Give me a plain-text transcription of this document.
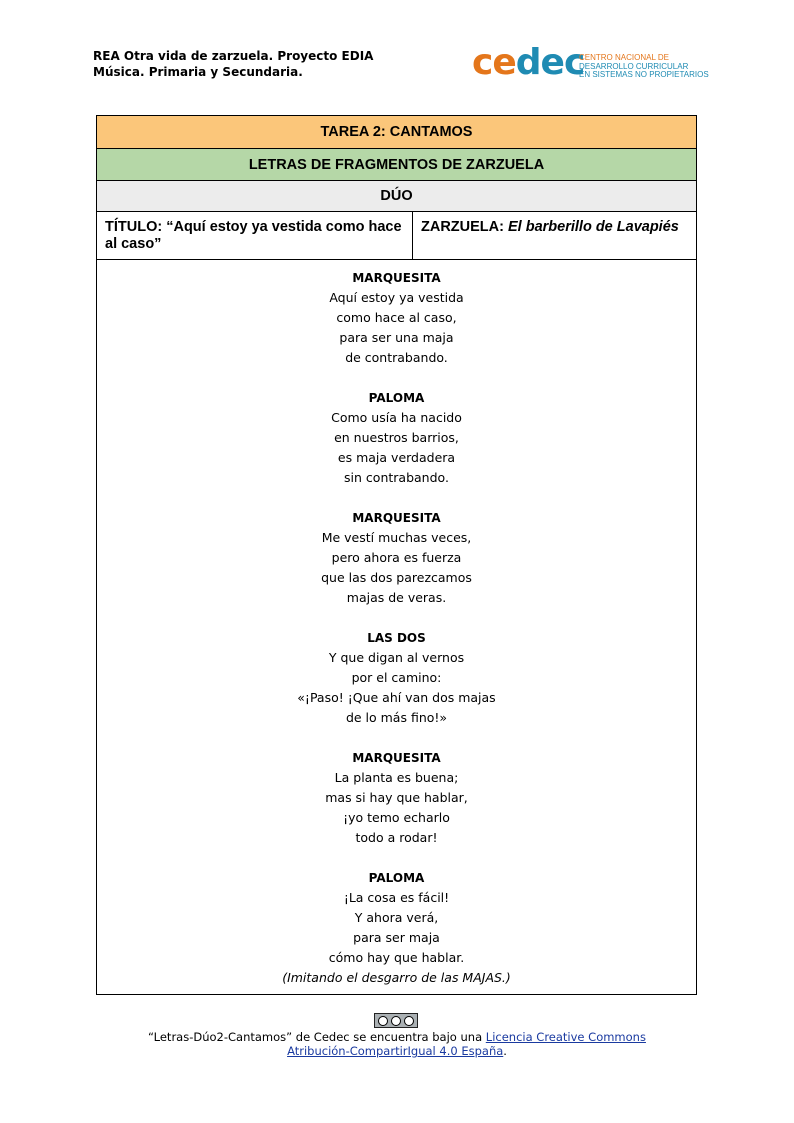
REA Otra vida de zarzuela. Proyecto EDIA
Música. Primaria y Secundaria.	cedec
CENTRO NACIONAL DE
DESARROLLO CURRICULAR
EN SISTEMAS NO PROPIETARIOS
TAREA 2: CANTAMOS
LETRAS DE FRAGMENTOS DE ZARZUELA
DÚO
TÍTULO: “Aquí estoy ya vestida como hace al caso”
ZARZUELA: El barberillo de Lavapiés
MARQUESITA
Aquí estoy ya vestida
como hace al caso,
para ser una maja
de contrabando.
PALOMA
Como usía ha nacido
en nuestros barrios,
es maja verdadera
sin contrabando.
MARQUESITA
Me vestí muchas veces,
pero ahora es fuerza
que las dos parezcamos
majas de veras.
LAS DOS
Y que digan al vernos
por el camino:
«¡Paso! ¡Que ahí van dos majas
de lo más fino!»
MARQUESITA
La planta es buena;
mas si hay que hablar,
¡yo temo echarlo
todo a rodar!
PALOMA
¡La cosa es fácil!
Y ahora verá,
para ser maja
cómo hay que hablar.
(Imitando el desgarro de las MAJAS.)
“Letras-Dúo2-Cantamos” de Cedec se encuentra bajo una Licencia Creative Commons Atribución-CompartirIgual 4.0 España.
